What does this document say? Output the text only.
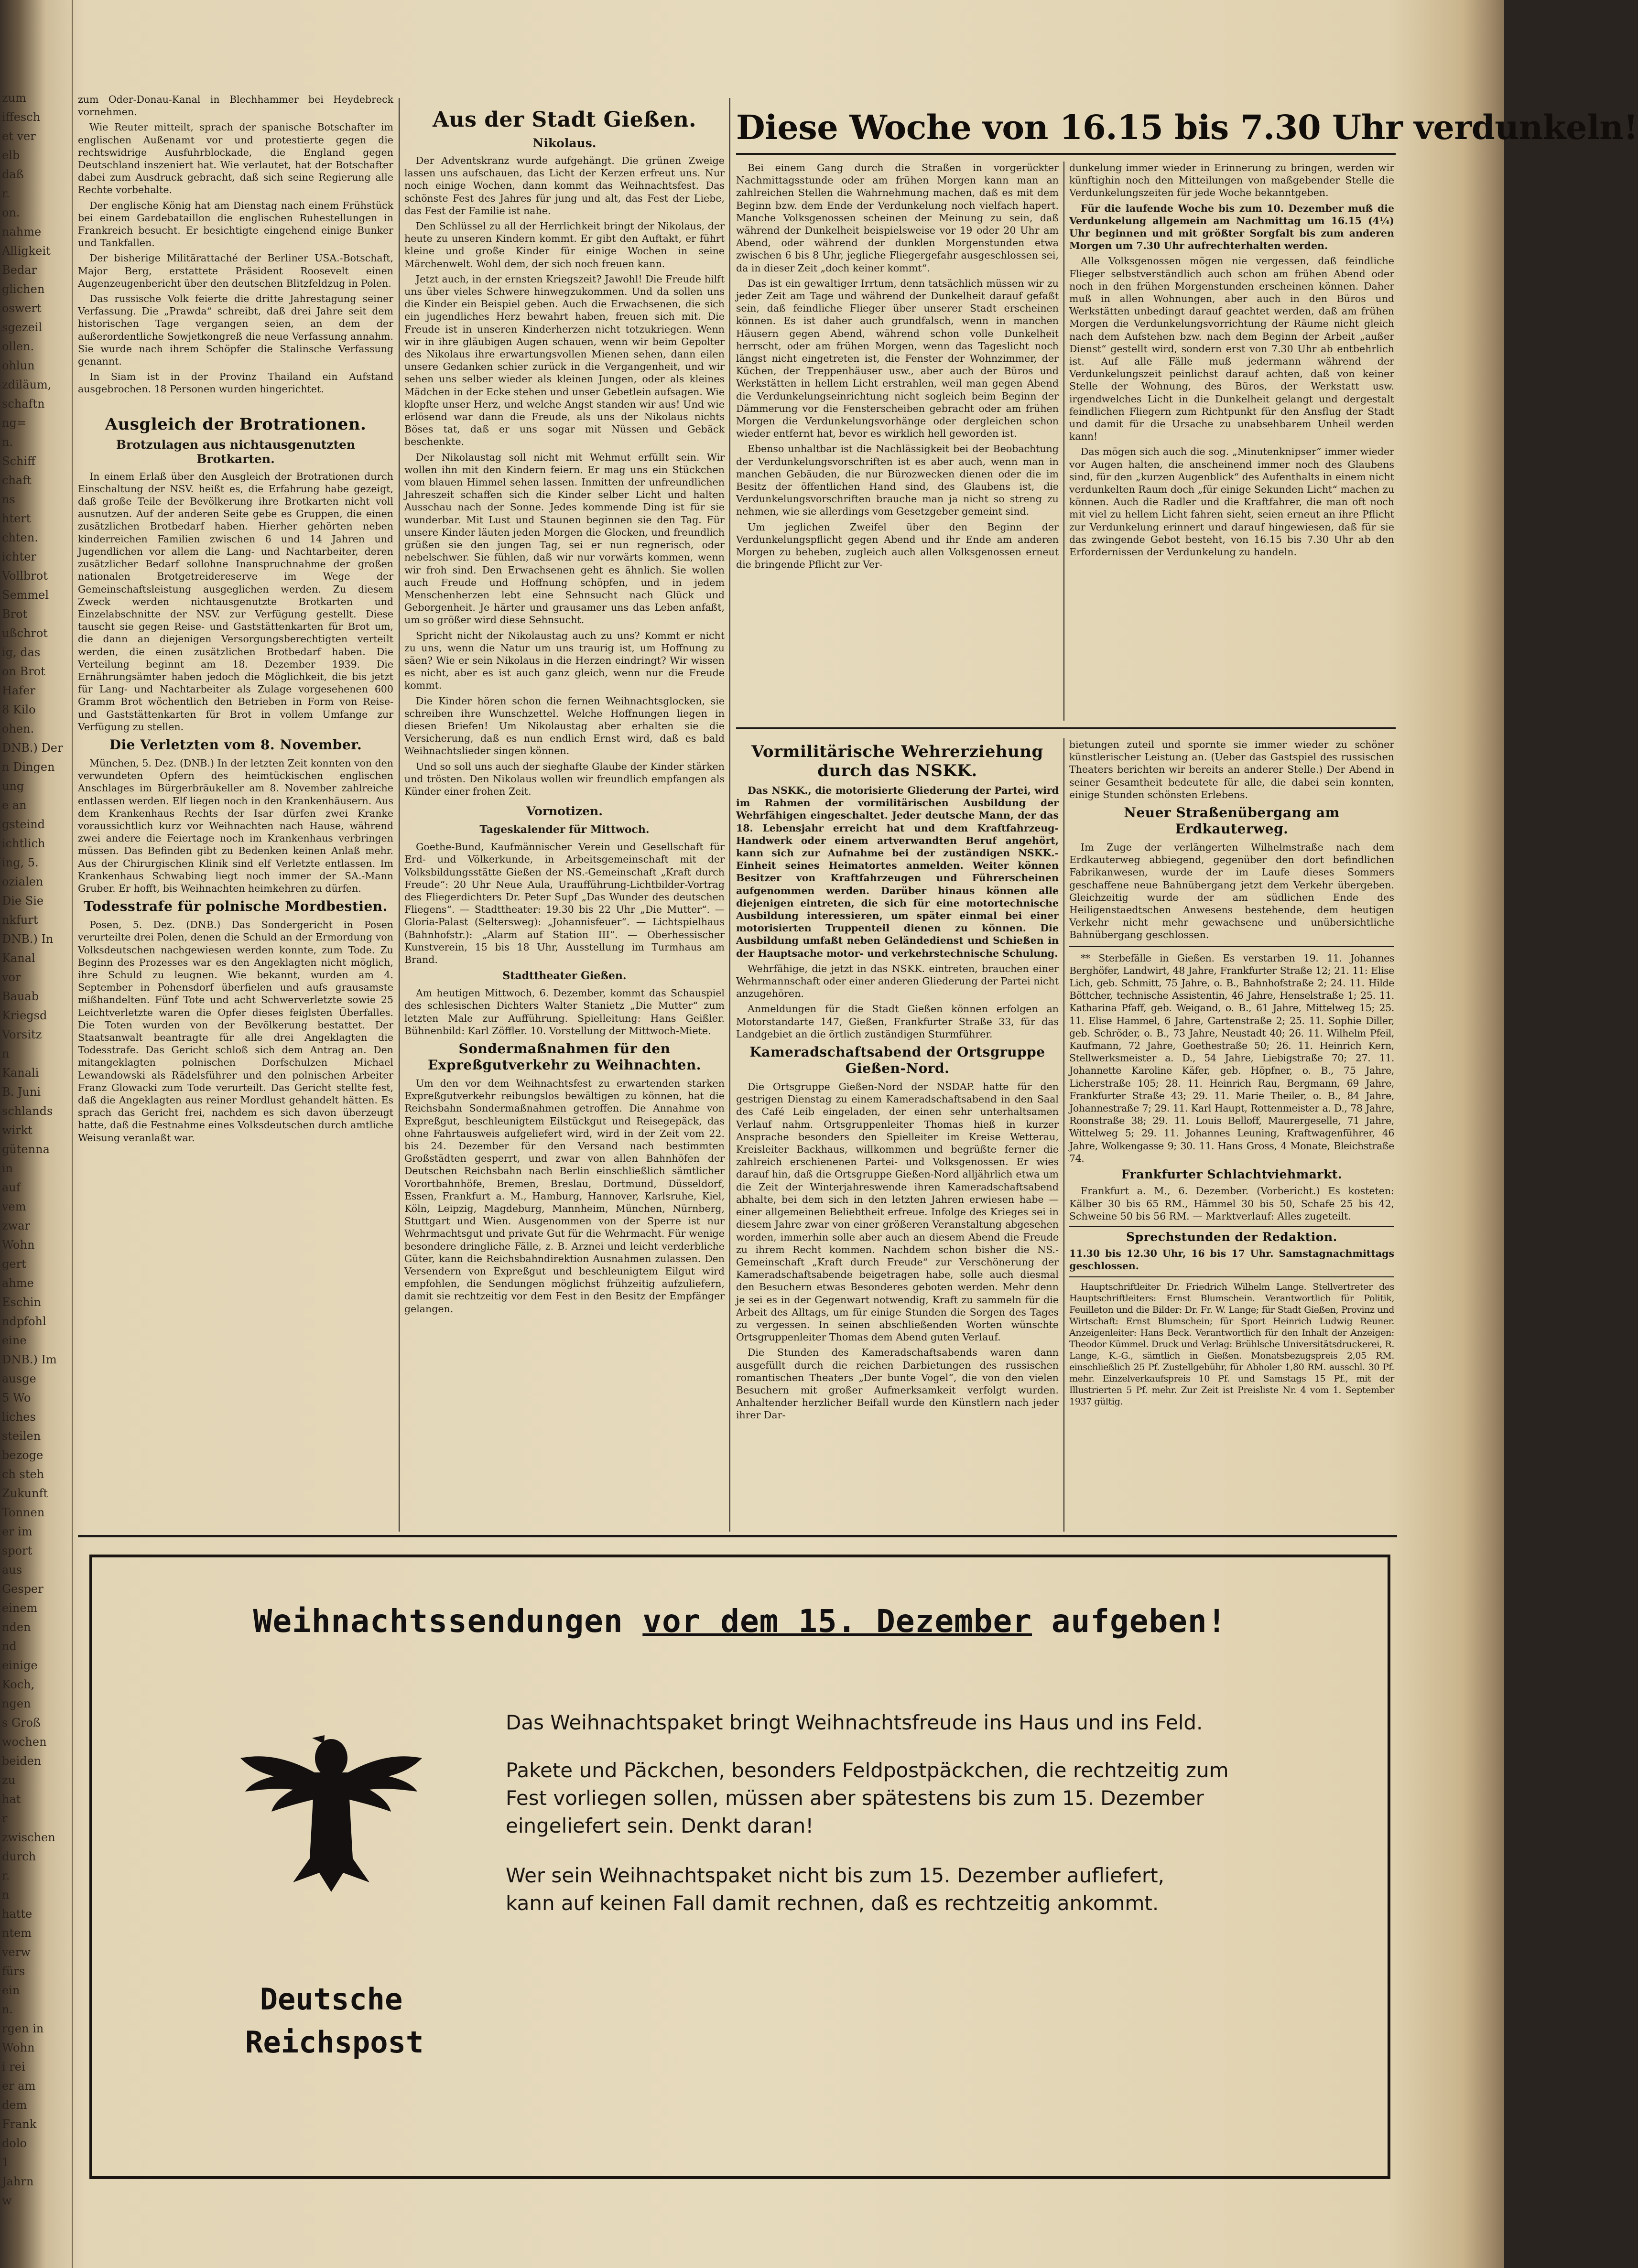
zum
iffesch
et ver
elb
daß
r.
on.
nahme
Alligkeit
Bedar
glichen
oswert
sgezeil
ollen.
ohlun
zdiläum,
schaftn
ng=
n.
Schiff
chaft
ns
htert
chten.
ichter
Vollbrot
Semmel
Brot
ußchrot
ig, das
on Brot
Hafer
8 Kilo
ohen.
DNB.) Der
n Dingen
ung
e an
gsteind
ichtlich
ing, 5.
ozialen
Die Sie
nkfurt
DNB.) In
Kanal
vor
Bauab
Kriegsd
Vorsitz
n
Kanali
B. Juni
schlands
wirkt
gütenna
in
auf
vem
zwar
Wohn
gert
ahme
Eschin
ndpfohl
eine
DNB.) Im
ausge
5 Wo
liches
steilen
bezoge
ch steh
Zukunft
Tonnen
er im
sport
aus
Gesper
einem
nden
nd
einige
Koch,
ngen
s Groß
wochen
beiden
zu
hat
r
zwischen
durch
r.
n
hatte
ntem
verw
fürs
ein
n.
rgen in
Wohn
i rei
er am
dem
Frank
dolo
1
Jahrn
w

zum Oder‑Donau‑Kanal in Blechhammer bei Heydebreck vornehmen.

Wie Reuter mitteilt, sprach der spanische Botschafter im englischen Außenamt vor und protestierte gegen die rechtswidrige Ausfuhrblockade, die England gegen Deutschland inszeniert hat. Wie verlautet, hat der Botschafter dabei zum Ausdruck gebracht, daß sich seine Regierung alle Rechte vorbehalte.

Der englische König hat am Dienstag nach einem Frühstück bei einem Gardebataillon die englischen Ruhestellungen in Frankreich besucht. Er besichtigte eingehend einige Bunker und Tankfallen.

Der bisherige Militärattaché der Berliner USA.-Botschaft, Major Berg, erstattete Präsident Roosevelt einen Augenzeugenbericht über den deutschen Blitzfeldzug in Polen.

Das russische Volk feierte die dritte Jahrestagung seiner Verfassung. Die „Prawda“ schreibt, daß drei Jahre seit dem historischen Tage vergangen seien, an dem der außerordentliche Sowjetkongreß die neue Verfassung annahm. Sie wurde nach ihrem Schöpfer die Stalinsche Verfassung genannt.

In Siam ist in der Provinz Thailand ein Aufstand ausgebrochen. 18 Personen wurden hingerichtet.

Ausgleich der Brotrationen.
Brotzulagen aus nichtausgenutzten Brotkarten.

In einem Erlaß über den Ausgleich der Brotrationen durch Einschaltung der NSV. heißt es, die Erfahrung habe gezeigt, daß große Teile der Bevölkerung ihre Brotkarten nicht voll ausnutzen. Auf der anderen Seite gebe es Gruppen, die einen zusätzlichen Brotbedarf haben. Hierher gehörten neben kinderreichen Familien zwischen 6 und 14 Jahren und Jugendlichen vor allem die Lang- und Nachtarbeiter, deren zusätzlicher Bedarf sollohne Inanspruchnahme der großen nationalen Brotgetreidereserve im Wege der Gemeinschaftsleistung ausgeglichen werden. Zu diesem Zweck werden nichtausgenutzte Brotkarten und Einzelabschnitte der NSV. zur Verfügung gestellt. Diese tauscht sie gegen Reise- und Gaststättenkarten für Brot um, die dann an diejenigen Versorgungsberechtigten verteilt werden, die einen zusätzlichen Brotbedarf haben. Die Verteilung beginnt am 18. Dezember 1939. Die Ernährungsämter haben jedoch die Möglichkeit, die bis jetzt für Lang- und Nachtarbeiter als Zulage vorgesehenen 600 Gramm Brot wöchentlich den Betrieben in Form von Reise- und Gaststättenkarten für Brot in vollem Umfange zur Verfügung zu stellen.

Die Verletzten vom 8. November.

München, 5. Dez. (DNB.) In der letzten Zeit konnten von den verwundeten Opfern des heimtückischen englischen Anschlages im Bürgerbräukeller am 8. November zahlreiche entlassen werden. Elf liegen noch in den Krankenhäusern. Aus dem Krankenhaus Rechts der Isar dürfen zwei Kranke voraussichtlich kurz vor Weihnachten nach Hause, während zwei andere die Feiertage noch im Krankenhaus verbringen müssen. Das Befinden gibt zu Bedenken keinen Anlaß mehr. Aus der Chirurgischen Klinik sind elf Verletzte entlassen. Im Krankenhaus Schwabing liegt noch immer der SA.-Mann Gruber. Er hofft, bis Weihnachten heimkehren zu dürfen.

Todesstrafe für polnische Mordbestien.

Posen, 5. Dez. (DNB.) Das Sondergericht in Posen verurteilte drei Polen, denen die Schuld an der Ermordung von Volksdeutschen nachgewiesen werden konnte, zum Tode. Zu Beginn des Prozesses war es den Angeklagten nicht möglich, ihre Schuld zu leugnen. Wie bekannt, wurden am 4. September in Pohensdorf überfielen und aufs grausamste mißhandelten. Fünf Tote und acht Schwerverletzte sowie 25 Leichtverletzte waren die Opfer dieses feiglsten Überfalles. Die Toten wurden von der Bevölkerung bestattet. Der Staatsanwalt beantragte für alle drei Angeklagten die Todesstrafe. Das Gericht schloß sich dem Antrag an. Den mitangeklagten polnischen Dorfschulzen Michael Lewandowski als Rädelsführer und den polnischen Arbeiter Franz Glowacki zum Tode verurteilt. Das Gericht stellte fest, daß die Angeklagten aus reiner Mordlust gehandelt hätten. Es sprach das Gericht frei, nachdem es sich davon überzeugt hatte, daß die Festnahme eines Volksdeutschen durch amtliche Weisung veranlaßt war.

Aus der Stadt Gießen.
Nikolaus.

Der Adventskranz wurde aufgehängt. Die grünen Zweige lassen uns aufschauen, das Licht der Kerzen erfreut uns. Nur noch einige Wochen, dann kommt das Weihnachtsfest. Das schönste Fest des Jahres für jung und alt, das Fest der Liebe, das Fest der Familie ist nahe.

Den Schlüssel zu all der Herrlichkeit bringt der Nikolaus, der heute zu unseren Kindern kommt. Er gibt den Auftakt, er führt kleine und große Kinder für einige Wochen in seine Märchenwelt. Wohl dem, der sich noch freuen kann.

Jetzt auch, in der ernsten Kriegszeit? Jawohl! Die Freude hilft uns über vieles Schwere hinwegzukommen. Und da sollen uns die Kinder ein Beispiel geben. Auch die Erwachsenen, die sich ein jugendliches Herz bewahrt haben, freuen sich mit. Die Freude ist in unseren Kinderherzen nicht totzukriegen. Wenn wir in ihre gläubigen Augen schauen, wenn wir beim Gepolter des Nikolaus ihre erwartungsvollen Mienen sehen, dann eilen unsere Gedanken schier zurück in die Vergangenheit, und wir sehen uns selber wieder als kleinen Jungen, oder als kleines Mädchen in der Ecke stehen und unser Gebetlein aufsagen. Wie klopfte unser Herz, und welche Angst standen wir aus! Und wie erlösend war dann die Freude, als uns der Nikolaus nichts Böses tat, daß er uns sogar mit Nüssen und Gebäck beschenkte.

Der Nikolaustag soll nicht mit Wehmut erfüllt sein. Wir wollen ihn mit den Kindern feiern. Er mag uns ein Stückchen vom blauen Himmel sehen lassen. Inmitten der unfreundlichen Jahreszeit schaffen sich die Kinder selber Licht und halten Ausschau nach der Sonne. Jedes kommende Ding ist für sie wunderbar. Mit Lust und Staunen beginnen sie den Tag. Für unsere Kinder läuten jeden Morgen die Glocken, und freundlich grüßen sie den jungen Tag, sei er nun regnerisch, oder nebelschwer. Sie fühlen, daß wir nur vorwärts kommen, wenn wir froh sind. Den Erwachsenen geht es ähnlich. Sie wollen auch Freude und Hoffnung schöpfen, und in jedem Menschenherzen lebt eine Sehnsucht nach Glück und Geborgenheit. Je härter und grausamer uns das Leben anfaßt, um so größer wird diese Sehnsucht.

Spricht nicht der Nikolaustag auch zu uns? Kommt er nicht zu uns, wenn die Natur um uns traurig ist, um Hoffnung zu säen? Wie er sein Nikolaus in die Herzen eindringt? Wir wissen es nicht, aber es ist auch ganz gleich, wenn nur die Freude kommt.

Die Kinder hören schon die fernen Weihnachtsglocken, sie schreiben ihre Wunschzettel. Welche Hoffnungen liegen in diesen Briefen! Um Nikolaustag aber erhalten sie die Versicherung, daß es nun endlich Ernst wird, daß es bald Weihnachtslieder singen können.

Und so soll uns auch der sieghafte Glaube der Kinder stärken und trösten. Den Nikolaus wollen wir freundlich empfangen als Künder einer frohen Zeit.

Vornotizen.
Tageskalender für Mittwoch.

Goethe-Bund, Kaufmännischer Verein und Gesellschaft für Erd- und Völkerkunde, in Arbeitsgemeinschaft mit der Volksbildungsstätte Gießen der NS.-Gemeinschaft „Kraft durch Freude“: 20 Uhr Neue Aula, Uraufführung-Lichtbilder-Vortrag des Fliegerdichters Dr. Peter Supf „Das Wunder des deutschen Fliegens“. — Stadttheater: 19.30 bis 22 Uhr „Die Mutter“. — Gloria-Palast (Seltersweg): „Johannisfeuer“. — Lichtspielhaus (Bahnhofstr.): „Alarm auf Station III“. — Oberhessischer Kunstverein, 15 bis 18 Uhr, Ausstellung im Turmhaus am Brand.

Stadttheater Gießen.

Am heutigen Mittwoch, 6. Dezember, kommt das Schauspiel des schlesischen Dichters Walter Stanietz „Die Mutter“ zum letzten Male zur Aufführung. Spielleitung: Hans Geißler. Bühnenbild: Karl Zöffler. 10. Vorstellung der Mittwoch-Miete.

Sondermaßnahmen für den Expreßgutverkehr zu Weihnachten.

Um den vor dem Weihnachtsfest zu erwartenden starken Expreßgutverkehr reibungslos bewältigen zu können, hat die Reichsbahn Sondermaßnahmen getroffen. Die Annahme von Expreßgut, beschleunigtem Eilstückgut und Reisegepäck, das ohne Fahrtausweis aufgeliefert wird, wird in der Zeit vom 22. bis 24. Dezember für den Versand nach bestimmten Großstädten gesperrt, und zwar von allen Bahnhöfen der Deutschen Reichsbahn nach Berlin einschließlich sämtlicher Vorortbahnhöfe, Bremen, Breslau, Dortmund, Düsseldorf, Essen, Frankfurt a. M., Hamburg, Hannover, Karlsruhe, Kiel, Köln, Leipzig, Magdeburg, Mannheim, München, Nürnberg, Stuttgart und Wien. Ausgenommen von der Sperre ist nur Wehrmachtsgut und private Gut für die Wehrmacht. Für wenige besondere dringliche Fälle, z. B. Arznei und leicht verderbliche Güter, kann die Reichsbahndirektion Ausnahmen zulassen. Den Versendern von Expreßgut und beschleunigtem Eilgut wird empfohlen, die Sendungen möglichst frühzeitig aufzuliefern, damit sie rechtzeitig vor dem Fest in den Besitz der Empfänger gelangen.

Diese Woche von 16.15 bis 7.30 Uhr verdunkeln!

Bei einem Gang durch die Straßen in vorgerückter Nachmittagsstunde oder am frühen Morgen kann man an zahlreichen Stellen die Wahrnehmung machen, daß es mit dem Beginn bzw. dem Ende der Verdunkelung noch vielfach hapert. Manche Volksgenossen scheinen der Meinung zu sein, daß während der Dunkelheit beispielsweise vor 19 oder 20 Uhr am Abend, oder während der dunklen Morgenstunden etwa zwischen 6 bis 8 Uhr, jegliche Fliegergefahr ausgeschlossen sei, da in dieser Zeit „doch keiner kommt“.

Das ist ein gewaltiger Irrtum, denn tatsächlich müssen wir zu jeder Zeit am Tage und während der Dunkelheit darauf gefaßt sein, daß feindliche Flieger über unserer Stadt erscheinen können. Es ist daher auch grundfalsch, wenn in manchen Häusern gegen Abend, während schon volle Dunkelheit herrscht, oder am frühen Morgen, wenn das Tageslicht noch längst nicht eingetreten ist, die Fenster der Wohnzimmer, der Küchen, der Treppenhäuser usw., aber auch der Büros und Werkstätten in hellem Licht erstrahlen, weil man gegen Abend die Verdunkelungseinrichtung nicht sogleich beim Beginn der Dämmerung vor die Fensterscheiben gebracht oder am frühen Morgen die Verdunkelungsvorhänge oder dergleichen schon wieder entfernt hat, bevor es wirklich hell geworden ist.

Ebenso unhaltbar ist die Nachlässigkeit bei der Beobachtung der Verdunkelungsvorschriften ist es aber auch, wenn man in manchen Gebäuden, die nur Bürozwecken dienen oder die im Besitz der öffentlichen Hand sind, des Glaubens ist, die Verdunkelungsvorschriften brauche man ja nicht so streng zu nehmen, wie sie allerdings vom Gesetzgeber gemeint sind.

Um jeglichen Zweifel über den Beginn der Verdunkelungspflicht gegen Abend und ihr Ende am anderen Morgen zu beheben, zugleich auch allen Volksgenossen erneut die bringende Pflicht zur Ver-

dunkelung immer wieder in Erinnerung zu bringen, werden wir künftighin noch den Mitteilungen von maßgebender Stelle die Verdunkelungszeiten für jede Woche bekanntgeben.

Für die laufende Woche bis zum 10. Dezember muß die Verdunkelung allgemein am Nachmittag um 16.15 (4¼) Uhr beginnen und mit größter Sorgfalt bis zum anderen Morgen um 7.30 Uhr aufrechterhalten werden.

Alle Volksgenossen mögen nie vergessen, daß feindliche Flieger selbstverständlich auch schon am frühen Abend oder noch in den frühen Morgenstunden erscheinen können. Daher muß in allen Wohnungen, aber auch in den Büros und Werkstätten unbedingt darauf geachtet werden, daß am frühen Morgen die Verdunkelungsvorrichtung der Räume nicht gleich nach dem Aufstehen bzw. nach dem Beginn der Arbeit „außer Dienst“ gestellt wird, sondern erst von 7.30 Uhr ab entbehrlich ist. Auf alle Fälle muß jedermann während der Verdunkelungszeit peinlichst darauf achten, daß von keiner Stelle der Wohnung, des Büros, der Werkstatt usw. irgendwelches Licht in die Dunkelheit gelangt und dergestalt feindlichen Fliegern zum Richtpunkt für den Ansflug der Stadt und damit für die Ursache zu unabsehbarem Unheil werden kann!

Das mögen sich auch die sog. „Minutenknipser“ immer wieder vor Augen halten, die anscheinend immer noch des Glaubens sind, für den „kurzen Augenblick“ des Aufenthalts in einem nicht verdunkelten Raum doch „für einige Sekunden Licht“ machen zu können. Auch die Radler und die Kraftfahrer, die man oft noch mit viel zu hellem Licht fahren sieht, seien erneut an ihre Pflicht zur Verdunkelung erinnert und darauf hingewiesen, daß für sie das zwingende Gebot besteht, von 16.15 bis 7.30 Uhr ab den Erfordernissen der Verdunkelung zu handeln.

Vormilitärische Wehrerziehung durch das NSKK.

Das NSKK., die motorisierte Gliederung der Partei, wird im Rahmen der vormilitärischen Ausbildung der Wehrfähigen eingeschaltet. Jeder deutsche Mann, der das 18. Lebensjahr erreicht hat und dem Kraftfahrzeug-Handwerk oder einem artverwandten Beruf angehört, kann sich zur Aufnahme bei der zuständigen NSKK.-Einheit seines Heimatortes anmelden. Weiter können Besitzer von Kraftfahrzeugen und Führerscheinen aufgenommen werden. Darüber hinaus können alle diejenigen eintreten, die sich für eine motortechnische Ausbildung interessieren, um später einmal bei einer motorisierten Truppenteil dienen zu können. Die Ausbildung umfaßt neben Geländedienst und Schießen in der Hauptsache motor- und verkehrstechnische Schulung.

Wehrfähige, die jetzt in das NSKK. eintreten, brauchen einer Wehrmannschaft oder einer anderen Gliederung der Partei nicht anzugehören.

Anmeldungen für die Stadt Gießen können erfolgen an Motorstandarte 147, Gießen, Frankfurter Straße 33, für das Landgebiet an die örtlich zuständigen Sturmführer.

Kameradschaftsabend der Ortsgruppe Gießen-Nord.

Die Ortsgruppe Gießen-Nord der NSDAP. hatte für den gestrigen Dienstag zu einem Kameradschaftsabend in den Saal des Café Leib eingeladen, der einen sehr unterhaltsamen Verlauf nahm. Ortsgruppenleiter Thomas hieß in kurzer Ansprache besonders den Spielleiter im Kreise Wetterau, Kreisleiter Backhaus, willkommen und begrüßte ferner die zahlreich erschienenen Partei- und Volksgenossen. Er wies darauf hin, daß die Ortsgruppe Gießen-Nord alljährlich etwa um die Zeit der Winterjahreswende ihren Kameradschaftsabend abhalte, bei dem sich in den letzten Jahren erwiesen habe — einer allgemeinen Beliebtheit erfreue. Infolge des Krieges sei in diesem Jahre zwar von einer größeren Veranstaltung abgesehen worden, immerhin solle aber auch an diesem Abend die Freude zu ihrem Recht kommen. Nachdem schon bisher die NS.-Gemeinschaft „Kraft durch Freude“ zur Verschönerung der Kameradschaftsabende beigetragen habe, solle auch diesmal den Besuchern etwas Besonderes geboten werden. Mehr denn je sei es in der Gegenwart notwendig, Kraft zu sammeln für die Arbeit des Alltags, um für einige Stunden die Sorgen des Tages zu vergessen. In seinen abschließenden Worten wünschte Ortsgruppenleiter Thomas dem Abend guten Verlauf.

Die Stunden des Kameradschaftsabends waren dann ausgefüllt durch die reichen Darbietungen des russischen romantischen Theaters „Der bunte Vogel“, die von den vielen Besuchern mit großer Aufmerksamkeit verfolgt wurden. Anhaltender herzlicher Beifall wurde den Künstlern nach jeder ihrer Dar-

bietungen zuteil und spornte sie immer wieder zu schöner künstlerischer Leistung an. (Ueber das Gastspiel des russischen Theaters berichten wir bereits an anderer Stelle.) Der Abend in seiner Gesamtheit bedeutete für alle, die dabei sein konnten, einige Stunden schönsten Erlebens.

Neuer Straßenübergang am Erdkauterweg.

Im Zuge der verlängerten Wilhelmstraße nach dem Erdkauterweg abbiegend, gegenüber den dort befindlichen Fabrikanwesen, wurde der im Laufe dieses Sommers geschaffene neue Bahnübergang jetzt dem Verkehr übergeben. Gleichzeitig wurde der am südlichen Ende des Heiligenstaedtschen Anwesens bestehende, dem heutigen Verkehr nicht mehr gewachsene und unübersichtliche Bahnübergang geschlossen.

** Sterbefälle in Gießen. Es verstarben 19. 11. Johannes Berghöfer, Landwirt, 48 Jahre, Frankfurter Straße 12; 21. 11: Elise Lich, geb. Schmitt, 75 Jahre, o. B., Bahnhofstraße 2; 24. 11. Hilde Böttcher, technische Assistentin, 46 Jahre, Henselstraße 1; 25. 11. Katharina Pfaff, geb. Weigand, o. B., 61 Jahre, Mittelweg 15; 25. 11. Elise Hammel, 6 Jahre, Gartenstraße 2; 25. 11. Sophie Diller, geb. Schröder, o. B., 73 Jahre, Neustadt 40; 26. 11. Wilhelm Pfeil, Kaufmann, 72 Jahre, Goethestraße 50; 26. 11. Heinrich Kern, Stellwerksmeister a. D., 54 Jahre, Liebigstraße 70; 27. 11. Johannette Karoline Käfer, geb. Höpfner, o. B., 75 Jahre, Licherstraße 105; 28. 11. Heinrich Rau, Bergmann, 69 Jahre, Frankfurter Straße 43; 29. 11. Marie Theiler, o. B., 84 Jahre, Johannestraße 7; 29. 11. Karl Haupt, Rottenmeister a. D., 78 Jahre, Roonstraße 38; 29. 11. Louis Belloff, Maurergeselle, 71 Jahre, Wittelweg 5; 29. 11. Johannes Leuning, Kraftwagenführer, 46 Jahre, Wolkengasse 9; 30. 11. Hans Gross, 4 Monate, Bleichstraße 74.

Frankfurter Schlachtviehmarkt.

Frankfurt a. M., 6. Dezember. (Vorbericht.) Es kosteten: Kälber 30 bis 65 RM., Hämmel 30 bis 50, Schafe 25 bis 42, Schweine 50 bis 56 RM. — Marktverlauf: Alles zugeteilt.

Sprechstunden der Redaktion.

11.30 bis 12.30 Uhr, 16 bis 17 Uhr. Samstagnachmittags geschlossen.

Hauptschriftleiter Dr. Friedrich Wilhelm Lange. Stellvertreter des Hauptschriftleiters: Ernst Blumschein. Verantwortlich für Politik, Feuilleton und die Bilder: Dr. Fr. W. Lange; für Stadt Gießen, Provinz und Wirtschaft: Ernst Blumschein; für Sport Heinrich Ludwig Reuner. Anzeigenleiter: Hans Beck. Verantwortlich für den Inhalt der Anzeigen: Theodor Kümmel. Druck und Verlag: Brühlsche Universitätsdruckerei, R. Lange, K.-G., sämtlich in Gießen. Monatsbezugspreis 2,05 RM. einschließlich 25 Pf. Zustellgebühr, für Abholer 1,80 RM. ausschl. 30 Pf. mehr. Einzelverkaufspreis 10 Pf. und Samstags 15 Pf., mit der Illustrierten 5 Pf. mehr. Zur Zeit ist Preisliste Nr. 4 vom 1. September 1937 gültig.

Weihnachtssendungen vor dem 15. Dezember aufgeben!
Deutsche
Reichspost
Das Weihnachtspaket bringt Weihnachtsfreude ins Haus und ins Feld.
Pakete und Päckchen, besonders Feldpostpäckchen, die rechtzeitig zum
Fest vorliegen sollen, müssen aber spätestens bis zum 15. Dezember
eingeliefert sein. Denkt daran!
Wer sein Weihnachtspaket nicht bis zum 15. Dezember aufliefert,
kann auf keinen Fall damit rechnen, daß es rechtzeitig ankommt.
